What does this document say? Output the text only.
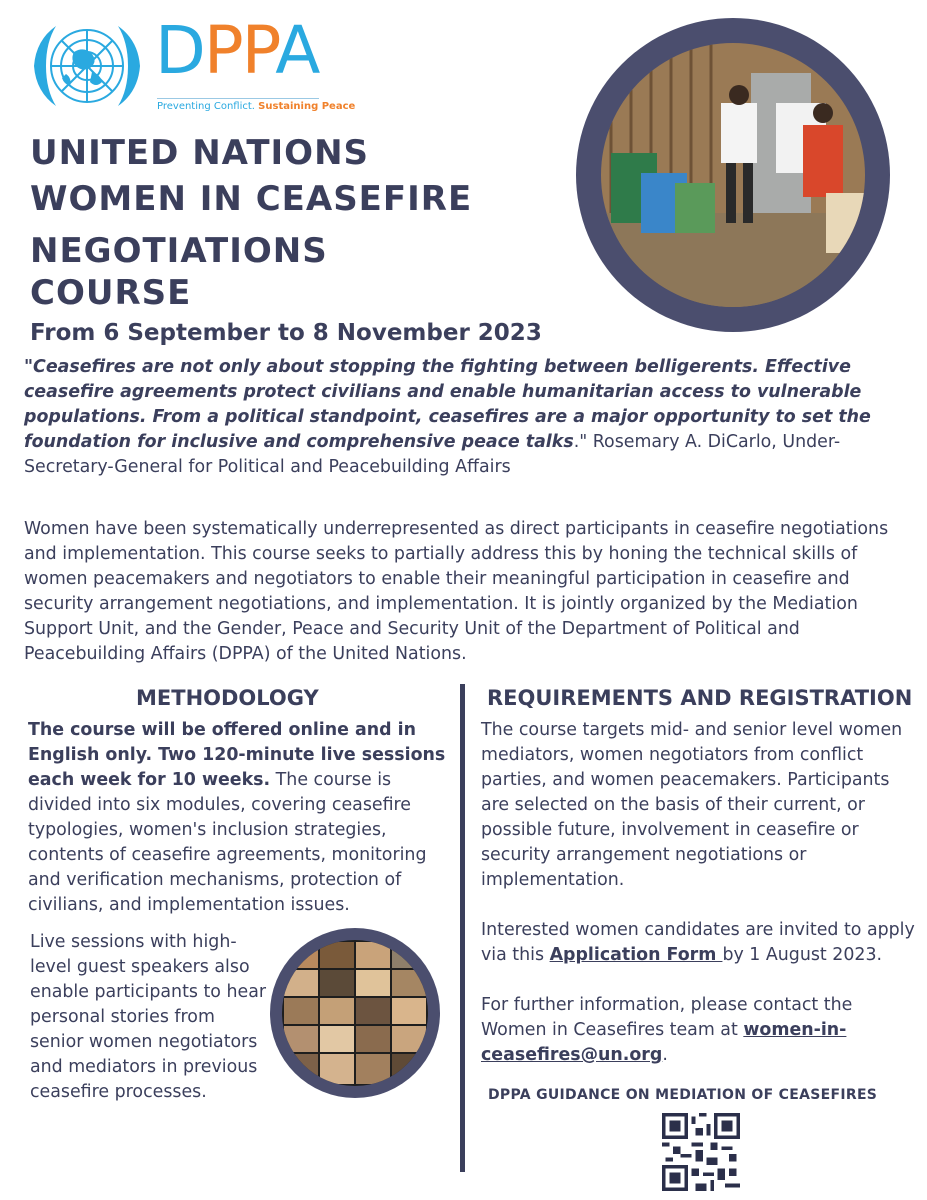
DPPA
Preventing Conflict. Sustaining Peace
UNITED NATIONS
WOMEN IN CEASEFIRE
NEGOTIATIONS
COURSE
From 6 September to 8 November 2023
"Ceasefires are not only about stopping the fighting between belligerents. Effective ceasefire agreements protect civilians and enable humanitarian access to vulnerable populations. From a political standpoint, ceasefires are a major opportunity to set the foundation for inclusive and comprehensive peace talks." Rosemary A. DiCarlo, Under-Secretary-General for Political and Peacebuilding Affairs
Women have been systematically underrepresented as direct participants in ceasefire negotiations and implementation. This course seeks to partially address this by honing the technical skills of women peacemakers and negotiators to enable their meaningful participation in ceasefire and security arrangement negotiations, and implementation. It is jointly organized by the Mediation Support Unit, and the Gender, Peace and Security Unit of the Department of Political and Peacebuilding Affairs (DPPA) of the United Nations.
METHODOLOGY
The course will be offered online and in English only. Two 120-minute live sessions each week for 10 weeks. The course is divided into six modules, covering ceasefire typologies, women's inclusion strategies, contents of ceasefire agreements, monitoring and verification mechanisms, protection of civilians, and implementation issues.
Live sessions with high-level guest speakers also enable participants to hear personal stories from senior women negotiators and mediators in previous ceasefire processes.
REQUIREMENTS AND REGISTRATION
The course targets mid- and senior level women mediators, women negotiators from conflict parties, and women peacemakers. Participants are selected on the basis of their current, or possible future, involvement in ceasefire or security arrangement negotiations or implementation.
Interested women candidates are invited to apply via this Application Form by 1 August 2023.
For further information, please contact the Women in Ceasefires team at women-in-ceasefires@un.org.
DPPA GUIDANCE ON MEDIATION OF CEASEFIRES
